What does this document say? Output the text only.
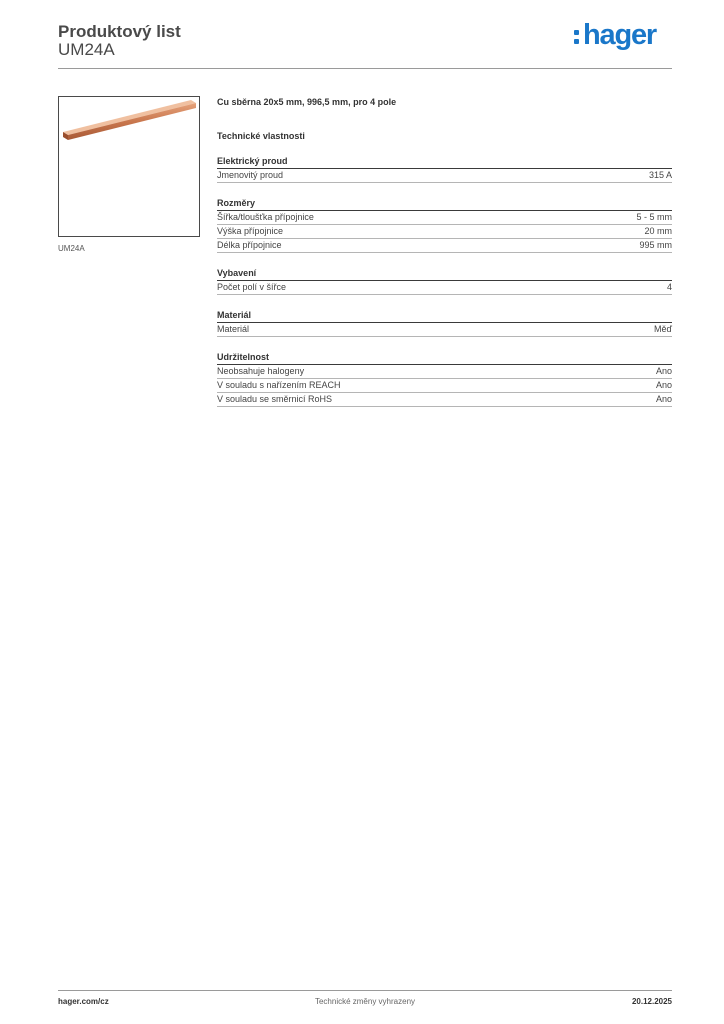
Produktový list
UM24A	hager
UM24A
Cu sběrna 20x5 mm, 996,5 mm, pro 4 pole
Technické vlastnosti
Elektrický proud
Jmenovitý proud	315 A
Rozměry
Šířka/tloušťka přípojnice	5 - 5 mm
Výška přípojnice	20 mm
Délka přípojnice	995 mm
Vybavení
Počet polí v šířce	4
Materiál
Materiál	Měď
Udržitelnost
Neobsahuje halogeny	Ano
V souladu s nařízením REACH	Ano
V souladu se směrnicí RoHS	Ano
Technické změny vyhrazeny
hager.com/cz	20.12.2025
